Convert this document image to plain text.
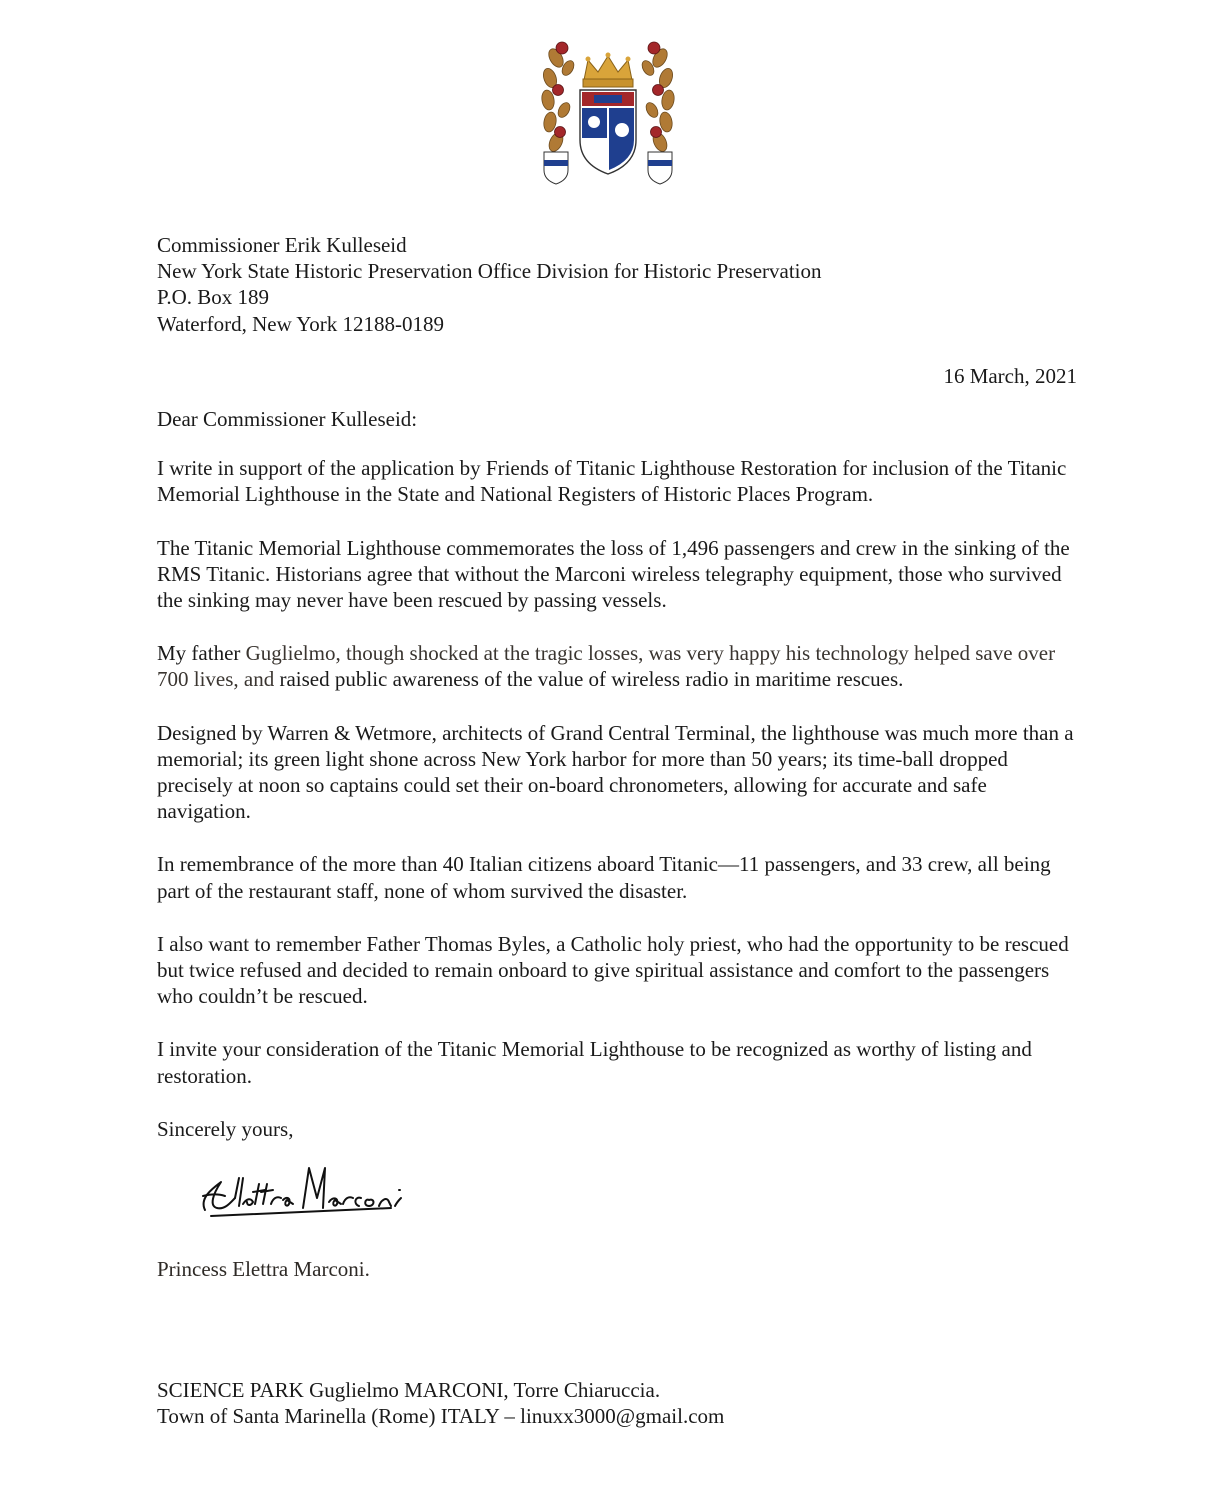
Commissioner Erik Kulleseid
New York State Historic Preservation Office Division for Historic Preservation
P.O. Box 189
Waterford, New York 12188-0189
16 March, 2021
Dear Commissioner Kulleseid:

I write in support of the application by Friends of Titanic Lighthouse Restoration for inclusion of the Titanic Memorial Lighthouse in the State and National Registers of Historic Places Program.

The Titanic Memorial Lighthouse commemorates the loss of 1,496 passengers and crew in the sinking of the RMS Titanic. Historians agree that without the Marconi wireless telegraphy equipment, those who survived the sinking may never have been rescued by passing vessels.

My father Guglielmo, though shocked at the tragic losses, was very happy his technology helped save over 700 lives, and raised public awareness of the value of wireless radio in maritime rescues.

Designed by Warren & Wetmore, architects of Grand Central Terminal, the lighthouse was much more than a memorial; its green light shone across New York harbor for more than 50 years; its time-ball dropped precisely at noon so captains could set their on-board chronometers, allowing for accurate and safe navigation.

In remembrance of the more than 40 Italian citizens aboard Titanic—11 passengers, and 33 crew, all being part of the restaurant staff, none of whom survived the disaster.

I also want to remember Father Thomas Byles, a Catholic holy priest, who had the opportunity to be rescued but twice refused and decided to remain onboard to give spiritual assistance and comfort to the passengers who couldn’t be rescued.

I invite your consideration of the Titanic Memorial Lighthouse to be recognized as worthy of listing and restoration.

Sincerely yours,
Princess Elettra Marconi.
SCIENCE PARK Guglielmo MARCONI, Torre Chiaruccia.
Town of Santa Marinella (Rome) ITALY – linuxx3000@gmail.com
